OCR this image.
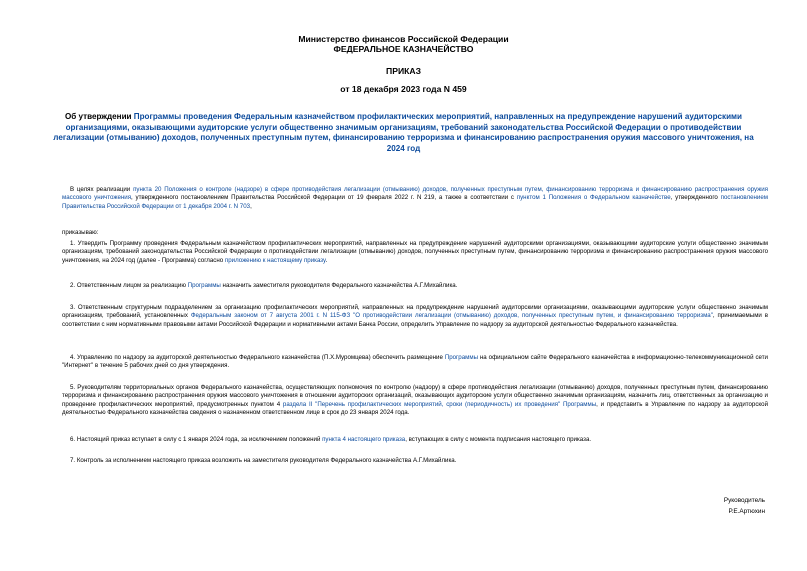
Министерство финансов Российской Федерации
ФЕДЕРАЛЬНОЕ КАЗНАЧЕЙСТВО
ПРИКАЗ
от 18 декабря 2023 года N 459
Об утверждении Программы проведения Федеральным казначейством профилактических мероприятий, направленных на предупреждение нарушений аудиторскими организациями, оказывающими аудиторские услуги общественно значимым организациям, требований законодательства Российской Федерации о противодействии легализации (отмыванию) доходов, полученных преступным путем, финансированию терроризма и финансированию распространения оружия массового уничтожения, на 2024 год
В целях реализации пункта 20 Положения о контроле (надзоре) в сфере противодействия легализации (отмыванию) доходов, полученных преступным путем, финансированию терроризма и финансированию распространения оружия массового уничтожения, утвержденного постановлением Правительства Российской Федерации от 19 февраля 2022 г. N 219, а также в соответствии с пунктом 1 Положения о Федеральном казначействе, утвержденного постановлением Правительства Российской Федерации от 1 декабря 2004 г. N 703,
приказываю:
1. Утвердить Программу проведения Федеральным казначейством профилактических мероприятий, направленных на предупреждение нарушений аудиторскими организациями, оказывающими аудиторские услуги общественно значимым организациям, требований законодательства Российской Федерации о противодействии легализации (отмыванию) доходов, полученных преступным путем, финансированию терроризма и финансированию распространения оружия массового уничтожения, на 2024 год (далее - Программа) согласно приложению к настоящему приказу.
2. Ответственным лицом за реализацию Программы назначить заместителя руководителя Федерального казначейства А.Г.Михайлика.
3. Ответственным структурным подразделением за организацию профилактических мероприятий, направленных на предупреждение нарушений аудиторскими организациями, оказывающими аудиторские услуги общественно значимым организациям, требований, установленных Федеральным законом от 7 августа 2001 г. N 115-ФЗ "О противодействии легализации (отмыванию) доходов, полученных преступным путем, и финансированию терроризма", принимаемыми в соответствии с ним нормативными правовыми актами Российской Федерации и нормативными актами Банка России, определить Управление по надзору за аудиторской деятельностью Федерального казначейства.
4. Управлению по надзору за аудиторской деятельностью Федерального казначейства (П.Х.Муромцева) обеспечить размещение Программы на официальном сайте Федерального казначейства в информационно-телекоммуникационной сети "Интернет" в течение 5 рабочих дней со дня утверждения.
5. Руководителям территориальных органов Федерального казначейства, осуществляющих полномочия по контролю (надзору) в сфере противодействия легализации (отмыванию) доходов, полученных преступным путем, финансированию терроризма и финансированию распространения оружия массового уничтожения в отношении аудиторских организаций, оказывающих аудиторские услуги общественно значимым организациям, назначить лиц, ответственных за организацию и проведение профилактических мероприятий, предусмотренных пунктом 4 раздела II "Перечень профилактических мероприятий, сроки (периодичность) их проведения" Программы, и представить в Управление по надзору за аудиторской деятельностью Федерального казначейства сведения о назначенном ответственном лице в срок до 23 января 2024 года.
6. Настоящий приказ вступает в силу с 1 января 2024 года, за исключением положений пункта 4 настоящего приказа, вступающих в силу с момента подписания настоящего приказа.
7. Контроль за исполнением настоящего приказа возложить на заместителя руководителя Федерального казначейства А.Г.Михайлика.
Руководитель
Р.Е.Артюхин
